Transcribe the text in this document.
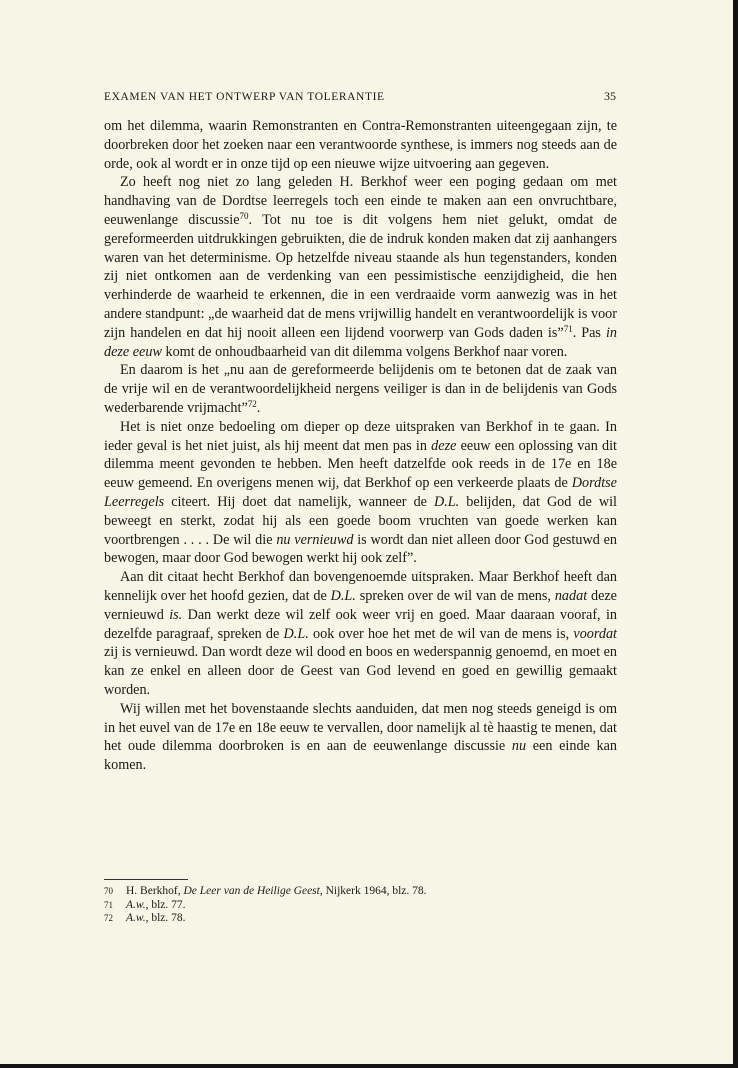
EXAMEN VAN HET ONTWERP VAN TOLERANTIE	35

om het dilemma, waarin Remonstranten en Contra-Remonstranten uiteengegaan zijn, te doorbreken door het zoeken naar een verantwoorde synthese, is immers nog steeds aan de orde, ook al wordt er in onze tijd op een nieuwe wijze uitvoering aan gegeven.

Zo heeft nog niet zo lang geleden H. Berkhof weer een poging gedaan om met handhaving van de Dordtse leerregels toch een einde te maken aan een onvruchtbare, eeuwenlange discussie$^{70}$. Tot nu toe is dit volgens hem niet gelukt, omdat de gereformeerden uitdrukkingen gebruikten, die de indruk konden maken dat zij aanhangers waren van het determinisme. Op hetzelfde niveau staande als hun tegenstanders, konden zij niet ontkomen aan de verdenking van een pessimistische eenzijdigheid, die hen verhinderde de waarheid te erkennen, die in een verdraaide vorm aanwezig was in het andere standpunt: „de waarheid dat de mens vrijwillig handelt en verantwoordelijk is voor zijn handelen en dat hij nooit alleen een lijdend voorwerp van Gods daden is”$^{71}$. Pas in deze eeuw komt de onhoudbaarheid van dit dilemma volgens Berkhof naar voren.

En daarom is het „nu aan de gereformeerde belijdenis om te betonen dat de zaak van de vrije wil en de verantwoordelijkheid nergens veiliger is dan in de belijdenis van Gods wederbarende vrijmacht”$^{72}$.

Het is niet onze bedoeling om dieper op deze uitspraken van Berkhof in te gaan. In ieder geval is het niet juist, als hij meent dat men pas in deze eeuw een oplossing van dit dilemma meent gevonden te hebben. Men heeft datzelfde ook reeds in de 17e en 18e eeuw gemeend. En overigens menen wij, dat Berkhof op een verkeerde plaats de Dordtse Leerregels citeert. Hij doet dat namelijk, wanneer de D.L. belijden, dat God de wil beweegt en sterkt, zodat hij als een goede boom vruchten van goede werken kan voortbrengen . . . . De wil die nu vernieuwd is wordt dan niet alleen door God gestuwd en bewogen, maar door God bewogen werkt hij ook zelf”.

Aan dit citaat hecht Berkhof dan bovengenoemde uitspraken. Maar Berkhof heeft dan kennelijk over het hoofd gezien, dat de D.L. spreken over de wil van de mens, nadat deze vernieuwd is. Dan werkt deze wil zelf ook weer vrij en goed. Maar daaraan vooraf, in dezelfde paragraaf, spreken de D.L. ook over hoe het met de wil van de mens is, voordat zij is vernieuwd. Dan wordt deze wil dood en boos en wederspannig genoemd, en moet en kan ze enkel en alleen door de Geest van God levend en goed en gewillig gemaakt worden.

Wij willen met het bovenstaande slechts aanduiden, dat men nog steeds geneigd is om in het euvel van de 17e en 18e eeuw te vervallen, door namelijk al tè haastig te menen, dat het oude dilemma doorbroken is en aan de eeuwenlange discussie nu een einde kan komen.

70	H. Berkhof, De Leer van de Heilige Geest, Nijkerk 1964, blz. 78.
71	A.w., blz. 77.
72	A.w., blz. 78.
